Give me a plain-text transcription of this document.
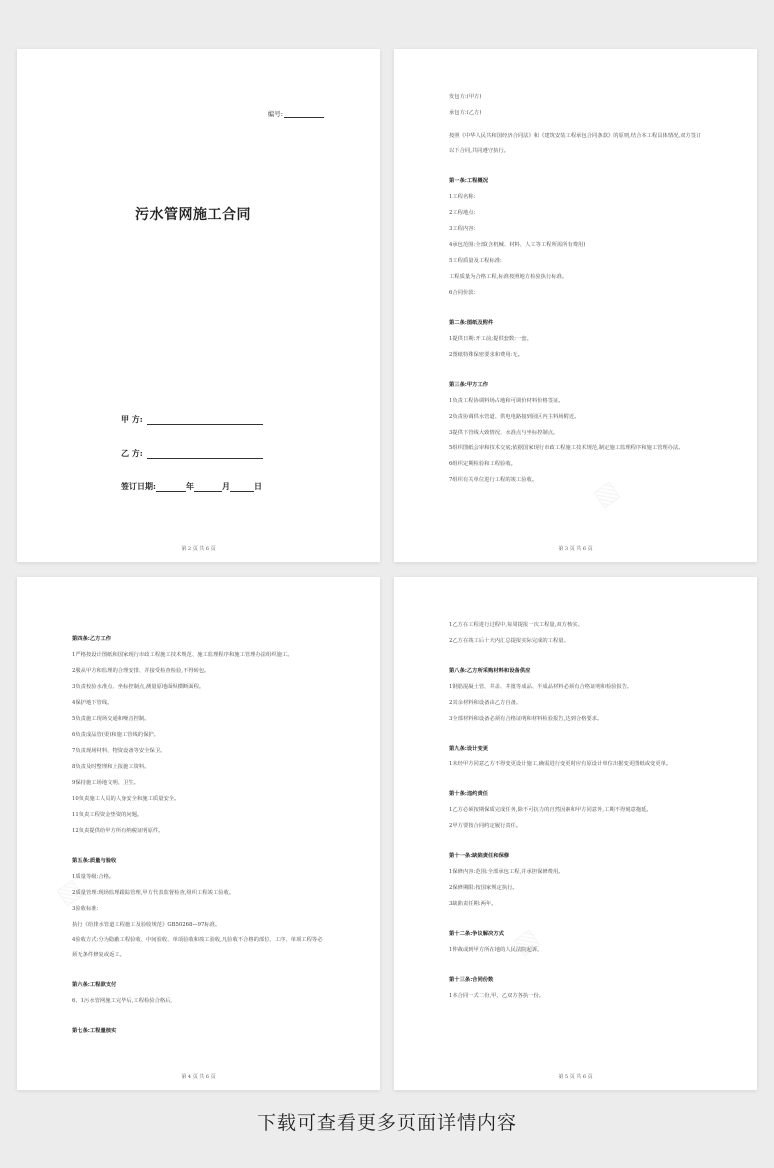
编号:
污水管网施工合同
甲 方:
乙 方:
签订日期:	年	月	日
第 2 页 共 6 页
发包方:(甲方)
承包方:(乙方)
按照《中华人民共和国经济合同法》和《建筑安装工程承包合同条款》的原则,结合本工程具体情况,双方签订以下合同,共同遵守执行。
第一条:工程概况
1工程名称:
2工程地点:
3工程内容:
4承包范围:全部(含机械、材料、人工等工程所需所有费用)
5工程质量及工程标准:
工程质量为合格工程,标准按照地方检验执行标准。
6合同价款:
第二条:图纸及附件
1提供日期:开工前;提供套数:一套。
2图纸特殊保密要求和费用:无。
第三条:甲方工作
1负责工程协调料场占地和可调价材料价格签证。
2负责协调供水管道、供电电路接到园区内主料场附近。
3提供下管线大致情况、水准点与坐标控制点。
5组织图纸会审和技术交底;依据国家现行市政工程施工技术规范,制定施工监理程序和施工管理办法。
6组织定期检验和工程验收。
7组织有关单位进行工程的竣工验收。
第 3 页 共 6 页
第四条:乙方工作
1严格按设计图纸和国家现行市政工程施工技术规范、施工监理程序和施工管理办法组织施工。
2服从甲方和监理的合理安排、并接受检查检验,不得转包。
3负责校验水准点、坐标控制点,测量原地面纵横断面程。
4保护地下管线。
5负责施工现场交通和噪音控制。
6负责成品管(渠)和施工管线的保护。
7负责现场材料、物资设备等安全保卫。
8负责及时整理和上报施工资料。
9保持施工场地文明、卫生。
10负责施工人员的人身安全和施工质量安全。
11负责工程资金垫资的问题。
12负责提供给甲方所有纳税证明原件。
第五条:质量与验收
1质量等级:合格。
2质量管理:现场监理跟踪管理,甲方代表监督检查,组织工程竣工验收。
3验收标准:
执行《给排水管道工程施工及验收规范》GB50268—97标准。
4验收方式:分为隐蔽工程验收、中间验收、单项验收和竣工验收,凡验收不合格的部位、工序、单项工程等必须无条件修复或返工。
第六条:工程款支付
6、1污水管网施工完毕后,工程检验合格后,
第七条:工程量核实
第 4 页 共 6 页
1乙方在工程进行过程中,每周提报一次工程量,双方核实。
2乙方在竣工后十天内汇总提报实际完成的工程量。
第八条:乙方所采购材料和设备供应
1钢筋混凝土管、井盖、井篦等成品、半成品材料必须有合格证明和检验报告。
2其余材料和设备由乙方自备。
3全部材料和设备必须有合格证明和材料检验报告,达到合格要求。
第九条:设计变更
1未经甲方同意乙方不得变更设计施工,确需进行变更时应有原设计单位出据变更图纸或变更单。
第十条:违约责任
1乙方必须按期保质完成任务,除不可抗力的自然因素和甲方同意外,工期不得刻意拖延。
2甲方要按合同约定履行责任。
第十一条:缺陷责任和保修
1保修内容:范围:全部承包工程,并承担保修费用。
2保修期限:按国家规定执行。
3缺陷责任期:两年。
第十二条:争议解决方式
1仲裁或到甲方所在地的人民法院起诉。
第十三条:合同份数
1本合同一式二份,甲、乙双方各执一份。
第 5 页 共 6 页
下载可查看更多页面详情内容
